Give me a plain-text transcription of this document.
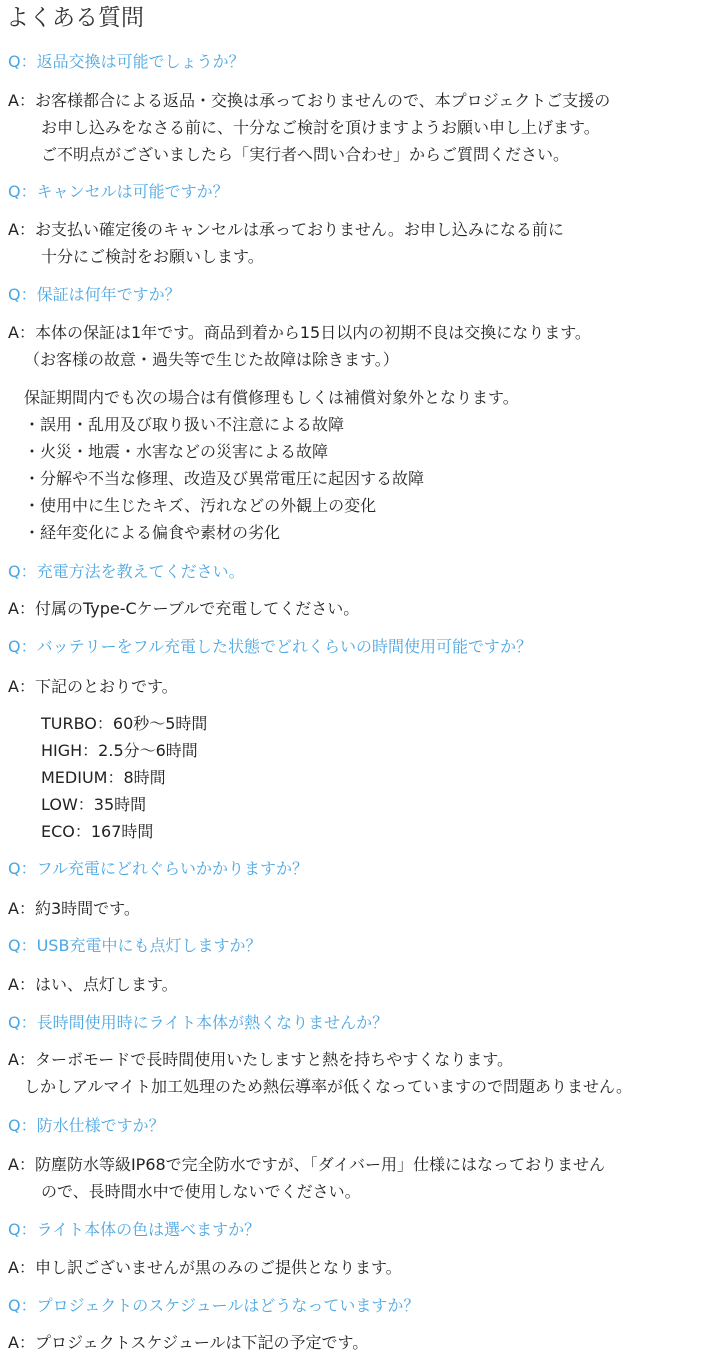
よくある質問
Q：返品交換は可能でしょうか？
A：お客様都合による返品・交換は承っておりませんので、本プロジェクトご支援の
お申し込みをなさる前に、十分なご検討を頂けますようお願い申し上げます。
ご不明点がございましたら「実行者へ問い合わせ」からご質問ください。
Q：キャンセルは可能ですか？
A：お支払い確定後のキャンセルは承っておりません。お申し込みになる前に
十分にご検討をお願いします。
Q：保証は何年ですか？
A：本体の保証は1年です。商品到着から15日以内の初期不良は交換になります。
（お客様の故意・過失等で生じた故障は除きます。）
保証期間内でも次の場合は有償修理もしくは補償対象外となります。
・誤用・乱用及び取り扱い不注意による故障
・火災・地震・水害などの災害による故障
・分解や不当な修理、改造及び異常電圧に起因する故障
・使用中に生じたキズ、汚れなどの外観上の変化
・経年変化による偏食や素材の劣化
Q：充電方法を教えてください。
A：付属のType-Cケーブルで充電してください。
Q：バッテリーをフル充電した状態でどれくらいの時間使用可能ですか？
A：下記のとおりです。
TURBO：60秒〜5時間
HIGH：2.5分〜6時間
MEDIUM：8時間
LOW：35時間
ECO：167時間
Q：フル充電にどれぐらいかかりますか？
A：約3時間です。
Q：USB充電中にも点灯しますか？
A：はい、点灯します。
Q：長時間使用時にライト本体が熱くなりませんか？
A：ターボモードで長時間使用いたしますと熱を持ちやすくなります。
しかしアルマイト加工処理のため熱伝導率が低くなっていますので問題ありません。
Q：防水仕様ですか？
A：防塵防水等級IP68で完全防水ですが、「ダイバー用」仕様にはなっておりません
ので、長時間水中で使用しないでください。
Q：ライト本体の色は選べますか？
A：申し訳ございませんが黒のみのご提供となります。
Q：プロジェクトのスケジュールはどうなっていますか？
A：プロジェクトスケジュールは下記の予定です。
